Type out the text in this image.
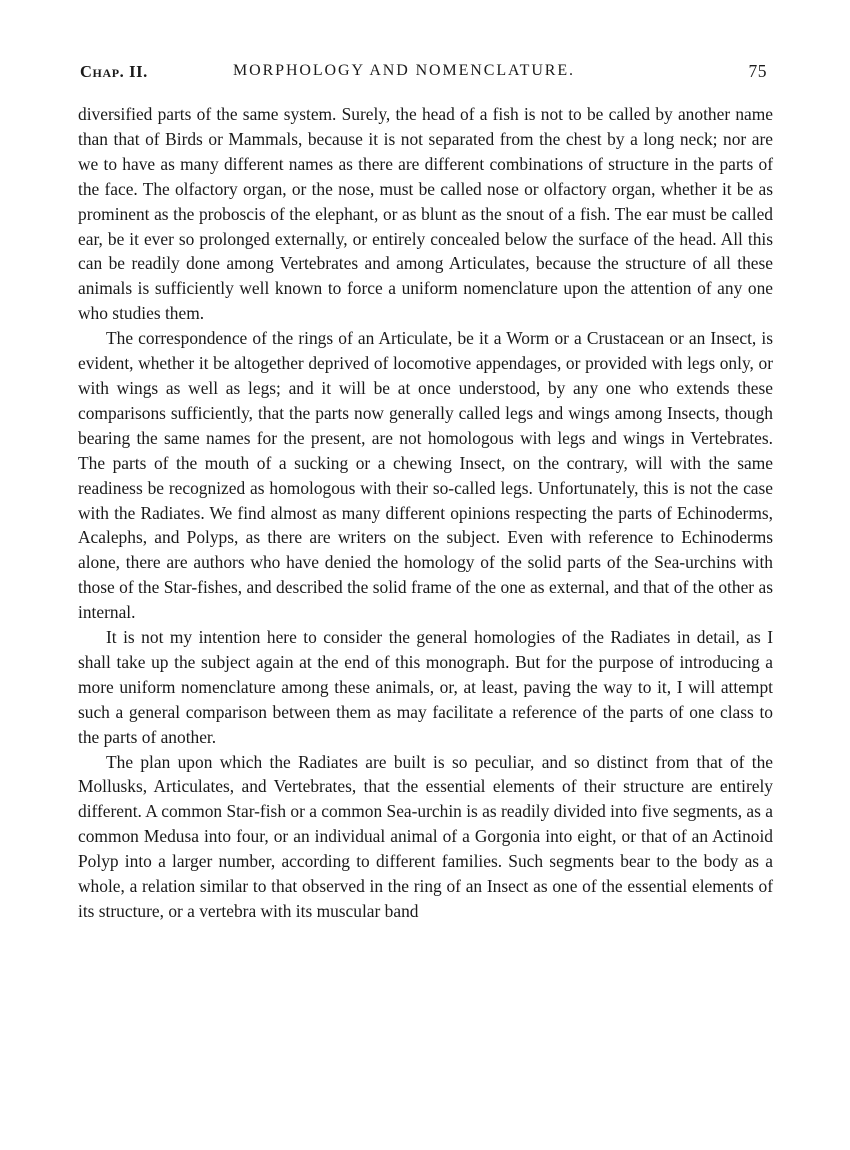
Chap. II.	MORPHOLOGY AND NOMENCLATURE.	75

diversified parts of the same system. Surely, the head of a fish is not to be called by another name than that of Birds or Mammals, because it is not separated from the chest by a long neck; nor are we to have as many different names as there are different combinations of structure in the parts of the face. The olfactory organ, or the nose, must be called nose or olfactory organ, whether it be as prominent as the proboscis of the elephant, or as blunt as the snout of a fish. The ear must be called ear, be it ever so prolonged externally, or entirely concealed below the surface of the head. All this can be readily done among Vertebrates and among Articulates, because the structure of all these animals is sufficiently well known to force a uniform nomenclature upon the attention of any one who studies them.

The correspondence of the rings of an Articulate, be it a Worm or a Crustacean or an Insect, is evident, whether it be altogether deprived of locomotive appendages, or provided with legs only, or with wings as well as legs; and it will be at once understood, by any one who extends these comparisons sufficiently, that the parts now generally called legs and wings among Insects, though bearing the same names for the present, are not homologous with legs and wings in Vertebrates. The parts of the mouth of a sucking or a chewing Insect, on the contrary, will with the same readiness be recognized as homologous with their so-called legs. Unfortunately, this is not the case with the Radiates. We find almost as many different opinions respecting the parts of Echinoderms, Acalephs, and Polyps, as there are writers on the subject. Even with reference to Echinoderms alone, there are authors who have denied the homology of the solid parts of the Sea-urchins with those of the Star-fishes, and described the solid frame of the one as external, and that of the other as internal.

It is not my intention here to consider the general homologies of the Radiates in detail, as I shall take up the subject again at the end of this monograph. But for the purpose of introducing a more uniform nomenclature among these animals, or, at least, paving the way to it, I will attempt such a general comparison between them as may facilitate a reference of the parts of one class to the parts of another.

The plan upon which the Radiates are built is so peculiar, and so distinct from that of the Mollusks, Articulates, and Vertebrates, that the essential elements of their structure are entirely different. A common Star-fish or a common Sea-urchin is as readily divided into five segments, as a common Medusa into four, or an individual animal of a Gorgonia into eight, or that of an Actinoid Polyp into a larger number, according to different families. Such segments bear to the body as a whole, a relation similar to that observed in the ring of an Insect as one of the essential elements of its structure, or a vertebra with its muscular band
